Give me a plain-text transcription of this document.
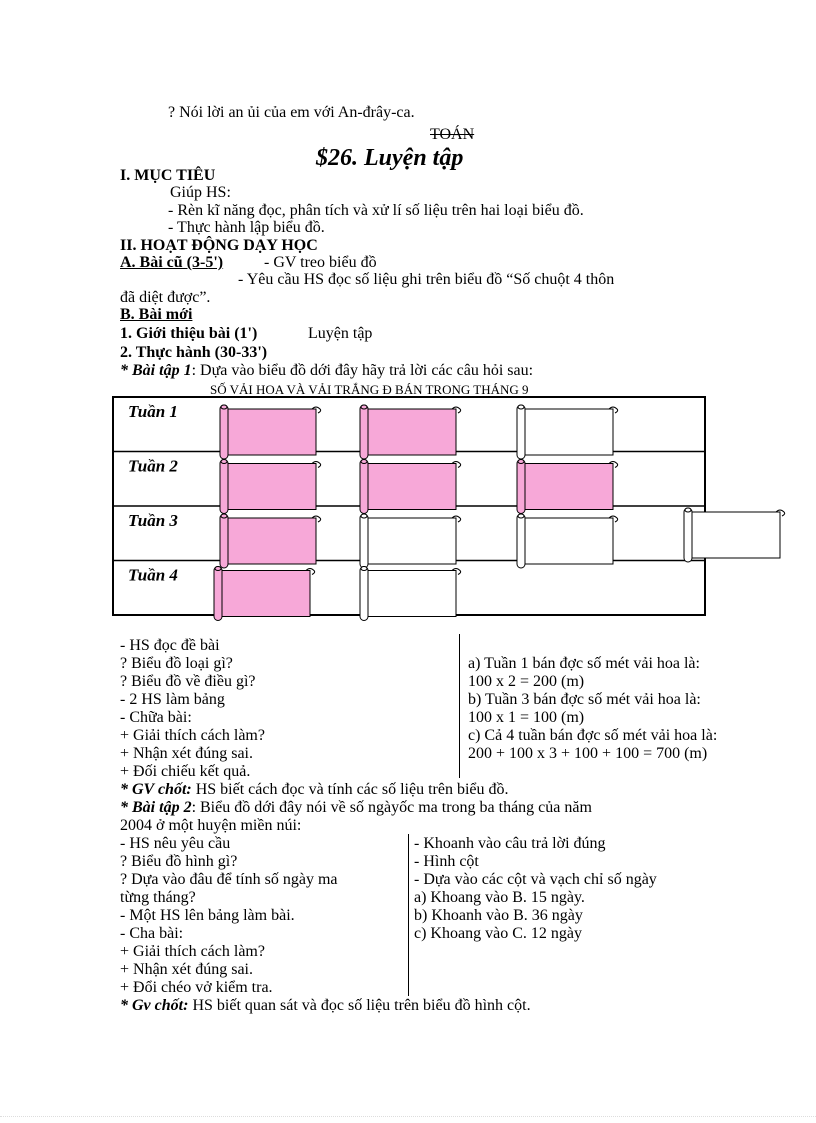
? Nói lời an ủi của em với An-đrây-ca.
TOÁN
$26. Luyện tập
I. MỤC TIÊU
Giúp HS:
- Rèn kĩ năng đọc, phân tích và xử lí số liệu trên hai loại biểu đồ.
- Thực hành lập biểu đồ.
II. HOẠT ĐỘNG DẠY HỌC
A. Bài cũ (3-5')	- GV treo biểu đồ
- Yêu cầu HS đọc số liệu ghi trên biểu đồ “Số chuột 4 thôn
đã diệt được”.
B. Bài mới
1. Giới thiệu bài (1')	Luyện tập
2. Thực hành (30-33')
* Bài tập 1: Dựa vào biểu đồ dới đây hãy trả lời các câu hỏi sau:
SỐ VẢI HOA VÀ VẢI TRẮNG Đ BÁN TRONG THÁNG 9
Tuần 1
Tuần 2
Tuần 3
Tuần 4
- HS đọc đề bài
? Biểu đồ loại gì?
? Biểu đồ về điều gì?
- 2 HS làm bảng
- Chữa bài:
+ Giải thích cách làm?
+ Nhận xét đúng sai.
+ Đối chiếu kết quả.
a) Tuần 1 bán đợc số mét vải hoa là:
100 x 2 = 200 (m)
b) Tuần 3 bán đợc số mét vải hoa là:
100 x 1 = 100 (m)
c) Cả 4 tuần bán đợc số mét vải hoa là:
200 + 100 x 3 + 100 + 100 = 700 (m)
* GV chốt: HS biết cách đọc và tính các số liệu trên biểu đồ.
* Bài tập 2: Biểu đồ dới đây nói về số ngàyốc ma trong ba tháng của năm
2004 ở một huyện miền núi:
- HS nêu yêu cầu
? Biểu đồ hình gì?
? Dựa vào đâu để tính số ngày ma
từng tháng?
- Một HS lên bảng làm bài.
- Cha bài:
+ Giải thích cách làm?
+ Nhận xét đúng sai.
+ Đổi chéo vở kiểm tra.
- Khoanh vào câu trả lời đúng
- Hình cột
- Dựa vào các cột và vạch chỉ số ngày
a) Khoang vào B. 15 ngày.
b) Khoanh vào B. 36 ngày
c) Khoang vào C. 12 ngày
* Gv chốt: HS biết quan sát và đọc số liệu trên biểu đồ hình cột.
